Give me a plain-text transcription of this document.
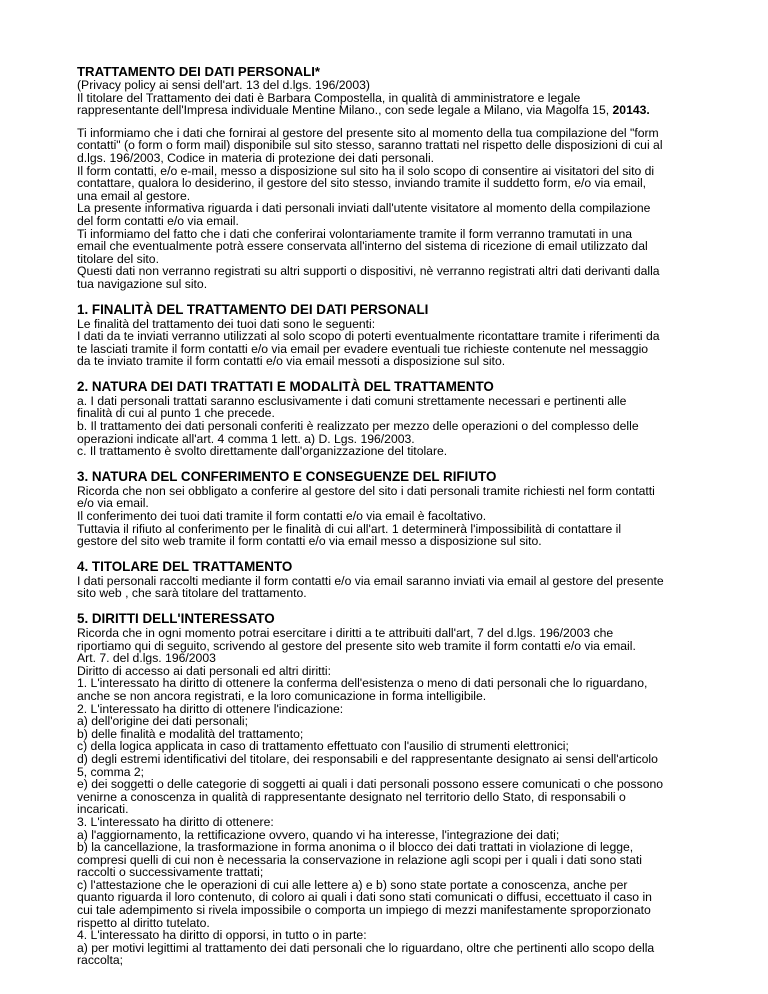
TRATTAMENTO DEI DATI PERSONALI*

(Privacy policy ai sensi dell'art. 13 del d.lgs. 196/2003)
Il titolare del Trattamento dei dati è Barbara Compostella, in qualità di amministratore e legale
rappresentante dell'Impresa individuale Mentine Milano., con sede legale a Milano, via Magolfa 15, 20143.

Ti informiamo che i dati che fornirai al gestore del presente sito al momento della tua compilazione del "form
contatti" (o form o form mail) disponibile sul sito stesso, saranno trattati nel rispetto delle disposizioni di cui al
d.lgs. 196/2003, Codice in materia di protezione dei dati personali.
Il form contatti, e/o e-mail, messo a disposizione sul sito ha il solo scopo di consentire ai visitatori del sito di
contattare, qualora lo desiderino, il gestore del sito stesso, inviando tramite il suddetto form, e/o via email,
una email al gestore.
La presente informativa riguarda i dati personali inviati dall'utente visitatore al momento della compilazione
del form contatti e/o via email.
Ti informiamo del fatto che i dati che conferirai volontariamente tramite il form verranno tramutati in una
email che eventualmente potrà essere conservata all'interno del sistema di ricezione di email utilizzato dal
titolare del sito.
Questi dati non verranno registrati su altri supporti o dispositivi, nè verranno registrati altri dati derivanti dalla
tua navigazione sul sito.

1. FINALITÀ DEL TRATTAMENTO DEI DATI PERSONALI

Le finalità del trattamento dei tuoi dati sono le seguenti:
I dati da te inviati verranno utilizzati al solo scopo di poterti eventualmente ricontattare tramite i riferimenti da
te lasciati tramite il form contatti e/o via email per evadere eventuali tue richieste contenute nel messaggio
da te inviato tramite il form contatti e/o via email messoti a disposizione sul sito.

2. NATURA DEI DATI TRATTATI E MODALITÀ DEL TRATTAMENTO

a. I dati personali trattati saranno esclusivamente i dati comuni strettamente necessari e pertinenti alle
finalità di cui al punto 1 che precede.
b. Il trattamento dei dati personali conferiti è realizzato per mezzo delle operazioni o del complesso delle
operazioni indicate all'art. 4 comma 1 lett. a) D. Lgs. 196/2003.
c. Il trattamento è svolto direttamente dall'organizzazione del titolare.

3. NATURA DEL CONFERIMENTO E CONSEGUENZE DEL RIFIUTO

Ricorda che non sei obbligato a conferire al gestore del sito i dati personali tramite richiesti nel form contatti
e/o via email.
Il conferimento dei tuoi dati tramite il form contatti e/o via email è facoltativo.
Tuttavia il rifiuto al conferimento per le finalità di cui all'art. 1 determinerà l'impossibilità di contattare il
gestore del sito web tramite il form contatti e/o via email messo a disposizione sul sito.

4. TITOLARE DEL TRATTAMENTO

I dati personali raccolti mediante il form contatti e/o via email saranno inviati via email al gestore del presente
sito web , che sarà titolare del trattamento.

5. DIRITTI DELL'INTERESSATO

Ricorda che in ogni momento potrai esercitare i diritti a te attribuiti dall'art, 7 del d.lgs. 196/2003 che
riportiamo qui di seguito, scrivendo al gestore del presente sito web tramite il form contatti e/o via email.
Art. 7. del d.lgs. 196/2003
Diritto di accesso ai dati personali ed altri diritti:
1. L'interessato ha diritto di ottenere la conferma dell'esistenza o meno di dati personali che lo riguardano,
anche se non ancora registrati, e la loro comunicazione in forma intelligibile.
2. L'interessato ha diritto di ottenere l'indicazione:
a) dell'origine dei dati personali;
b) delle finalità e modalità del trattamento;
c) della logica applicata in caso di trattamento effettuato con l'ausilio di strumenti elettronici;
d) degli estremi identificativi del titolare, dei responsabili e del rappresentante designato ai sensi dell'articolo
5, comma 2;
e) dei soggetti o delle categorie di soggetti ai quali i dati personali possono essere comunicati o che possono
venirne a conoscenza in qualità di rappresentante designato nel territorio dello Stato, di responsabili o
incaricati.
3. L'interessato ha diritto di ottenere:
a) l'aggiornamento, la rettificazione ovvero, quando vi ha interesse, l'integrazione dei dati;
b) la cancellazione, la trasformazione in forma anonima o il blocco dei dati trattati in violazione di legge,
compresi quelli di cui non è necessaria la conservazione in relazione agli scopi per i quali i dati sono stati
raccolti o successivamente trattati;
c) l'attestazione che le operazioni di cui alle lettere a) e b) sono state portate a conoscenza, anche per
quanto riguarda il loro contenuto, di coloro ai quali i dati sono stati comunicati o diffusi, eccettuato il caso in
cui tale adempimento si rivela impossibile o comporta un impiego di mezzi manifestamente sproporzionato
rispetto al diritto tutelato.
4. L'interessato ha diritto di opporsi, in tutto o in parte:
a) per motivi legittimi al trattamento dei dati personali che lo riguardano, oltre che pertinenti allo scopo della
raccolta;
